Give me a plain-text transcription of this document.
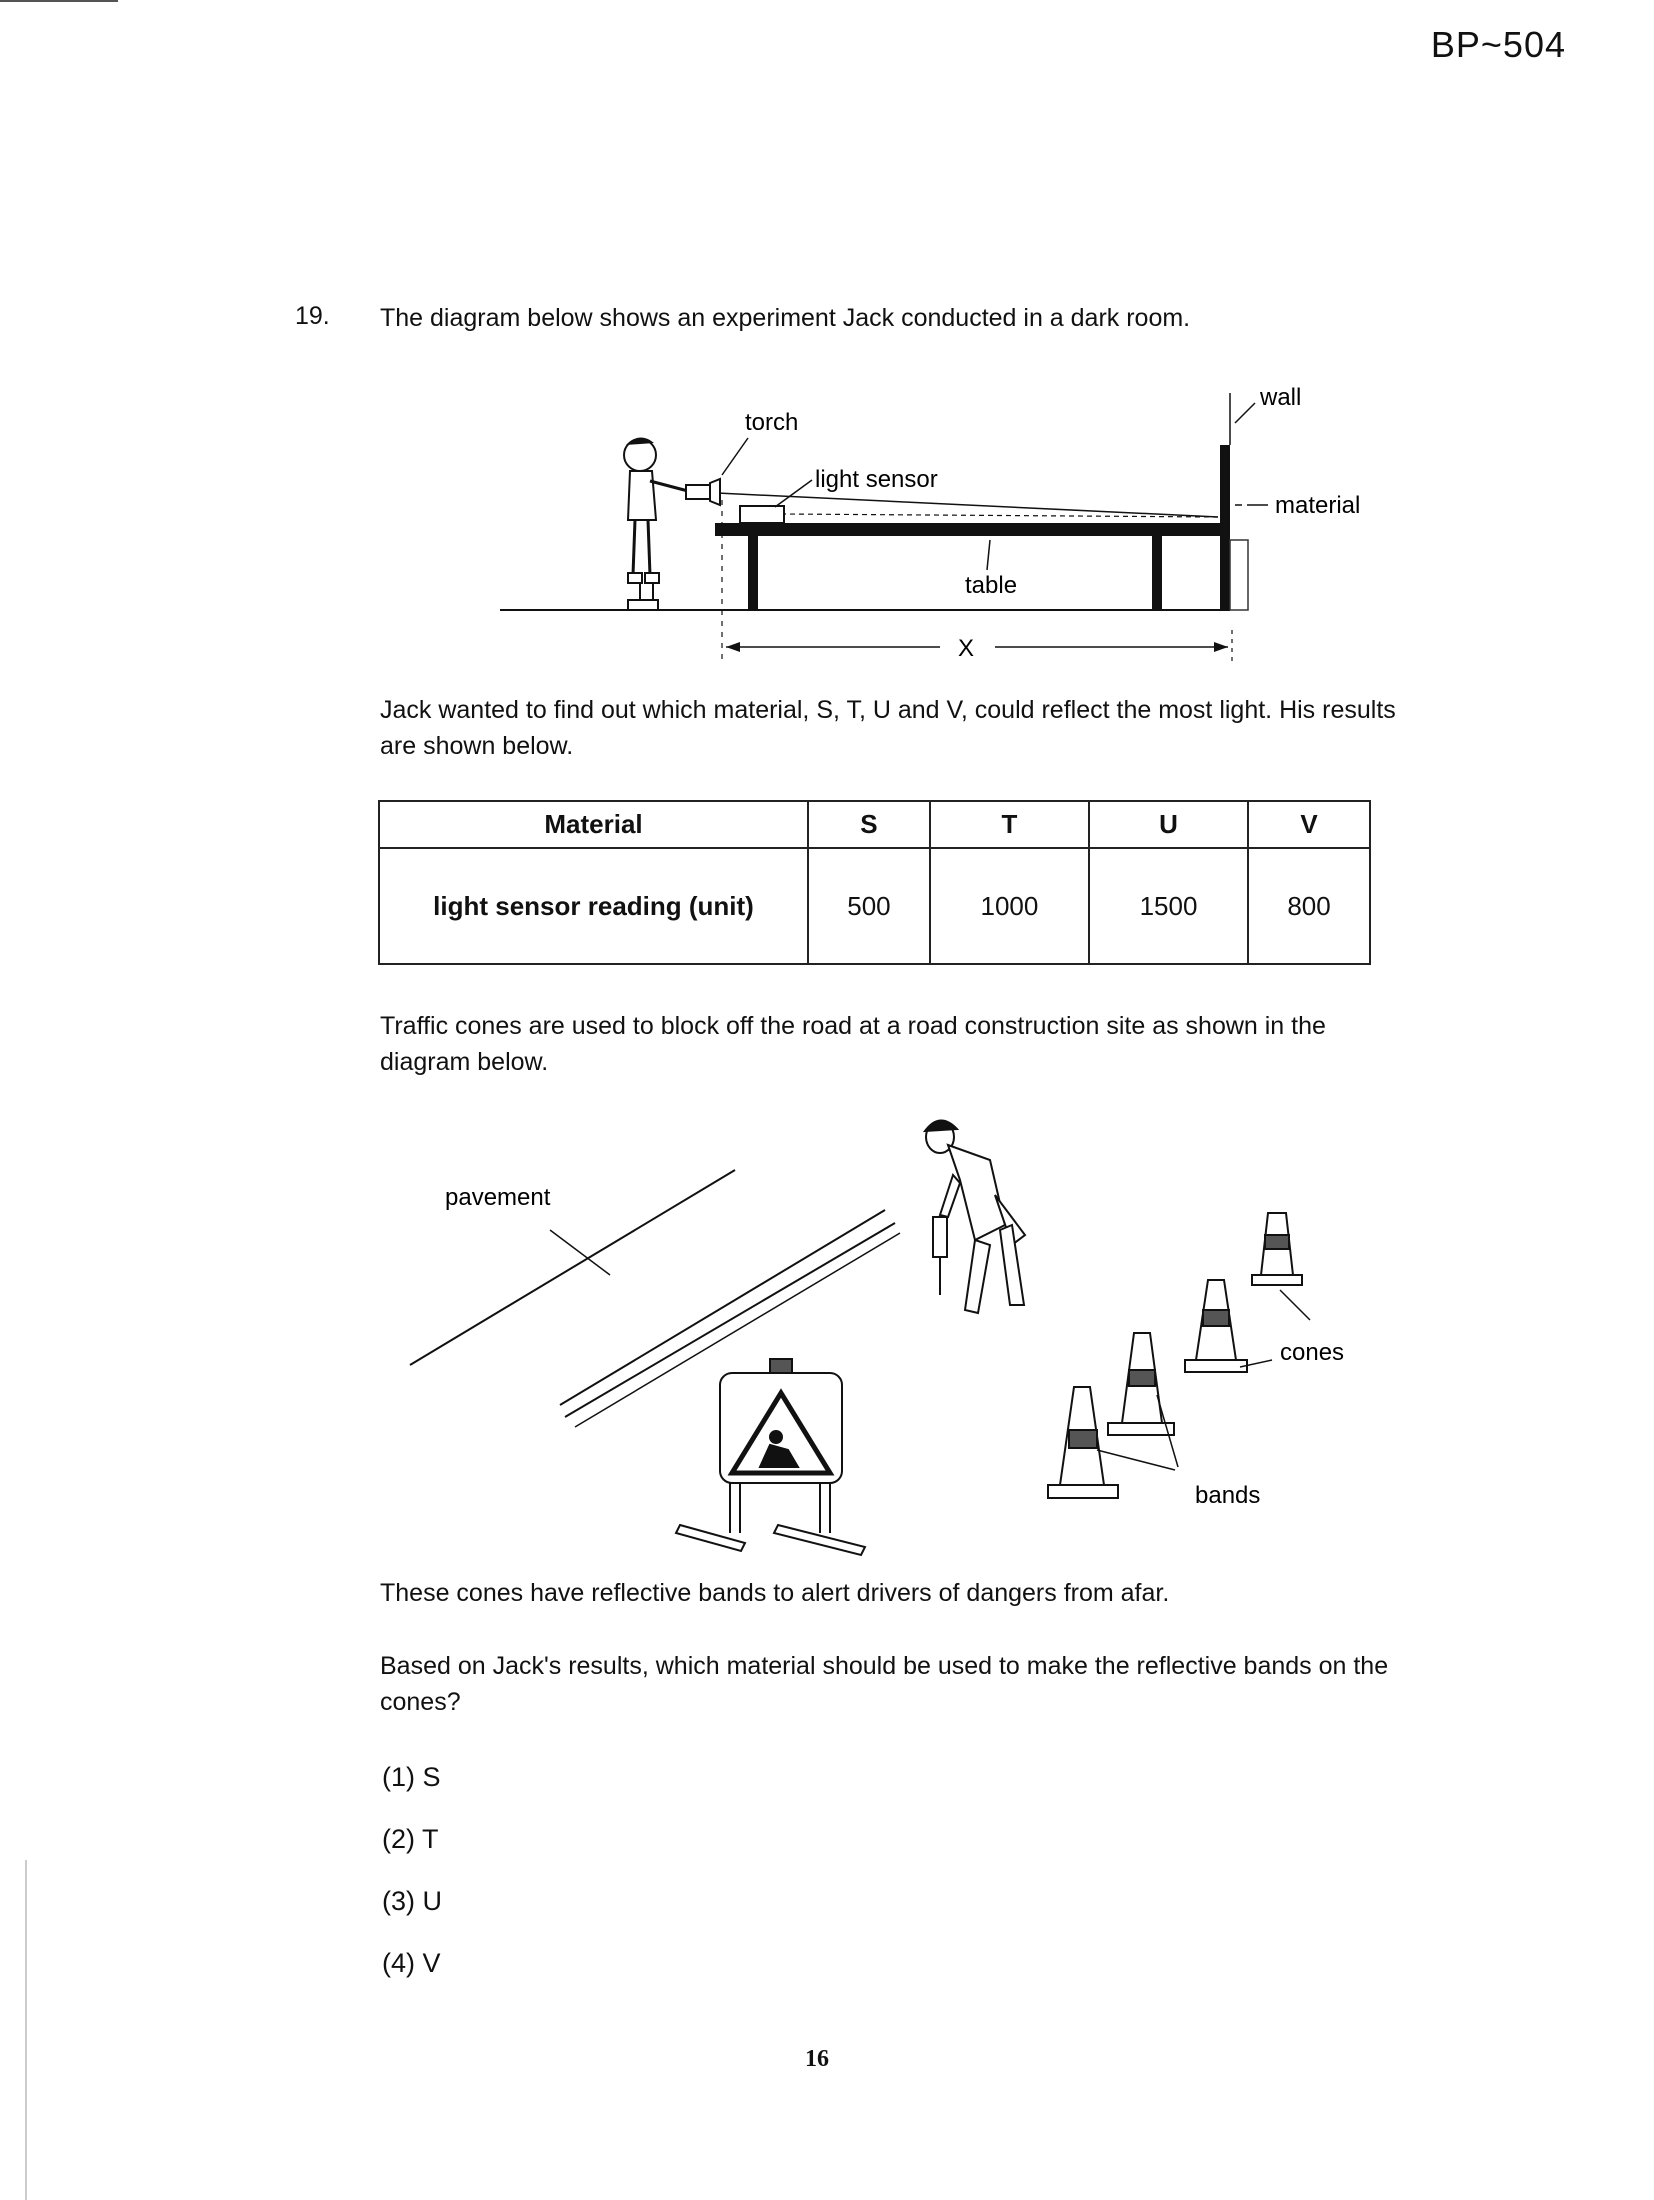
BP~504
19. The diagram below shows an experiment Jack conducted in a dark room.
wall
material
torch
light sensor
table
X
Jack wanted to find out which material, S, T, U and V, could reflect the most light. His results are shown below.
Material	S	T	U	V
light sensor reading (unit)	500	1000	1500	800
Traffic cones are used to block off the road at a road construction site as shown in the diagram below.
pavement
cones
bands
These cones have reflective bands to alert drivers of dangers from afar.
Based on Jack's results, which material should be used to make the reflective bands on the cones?
(1) S
(2) T
(3) U
(4) V
16
